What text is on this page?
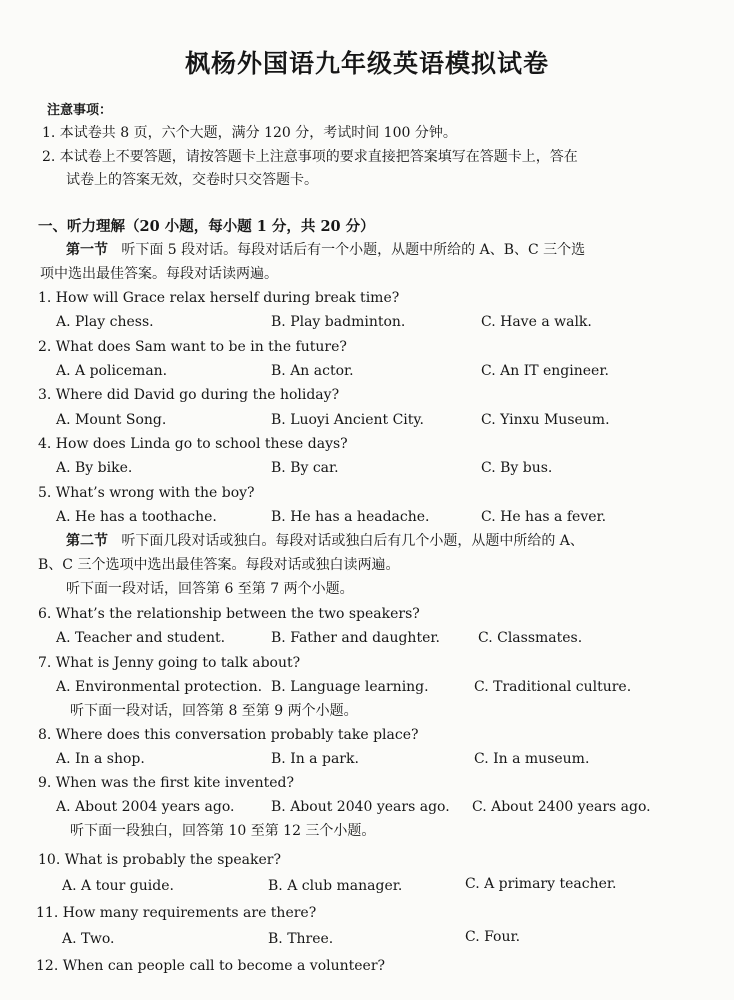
枫杨外国语九年级英语模拟试卷
注意事项：
1. 本试卷共 8 页，六个大题，满分 120 分，考试时间 100 分钟。
2. 本试卷上不要答题，请按答题卡上注意事项的要求直接把答案填写在答题卡上，答在
试卷上的答案无效，交卷时只交答题卡。
一、听力理解（20 小题，每小题 1 分，共 20 分）
第一节 听下面 5 段对话。每段对话后有一个小题，从题中所给的 A、B、C 三个选
项中选出最佳答案。每段对话读两遍。
1. How will Grace relax herself during break time?
A. Play chess.	B. Play badminton.	C. Have a walk.
2. What does Sam want to be in the future?
A. A policeman.	B. An actor.	C. An IT engineer.
3. Where did David go during the holiday?
A. Mount Song.	B. Luoyi Ancient City.	C. Yinxu Museum.
4. How does Linda go to school these days?
A. By bike.	B. By car.	C. By bus.
5. What’s wrong with the boy?
A. He has a toothache.	B. He has a headache.	C. He has a fever.
第二节 听下面几段对话或独白。每段对话或独白后有几个小题，从题中所给的 A、
B、C 三个选项中选出最佳答案。每段对话或独白读两遍。
听下面一段对话，回答第 6 至第 7 两个小题。
6. What’s the relationship between the two speakers?
A. Teacher and student.	B. Father and daughter.	C. Classmates.
7. What is Jenny going to talk about?
A. Environmental protection. B. Language learning.	C. Traditional culture.
听下面一段对话，回答第 8 至第 9 两个小题。
8. Where does this conversation probably take place?
A. In a shop.	B. In a park.	C. In a museum.
9. When was the first kite invented?
A. About 2004 years ago.	B. About 2040 years ago. C. About 2400 years ago.
听下面一段独白，回答第 10 至第 12 三个小题。
10. What is probably the speaker?
A. A tour guide.	B. A club manager.	C. A primary teacher.
11. How many requirements are there?
A. Two.	B. Three.	C. Four.
12. When can people call to become a volunteer?
